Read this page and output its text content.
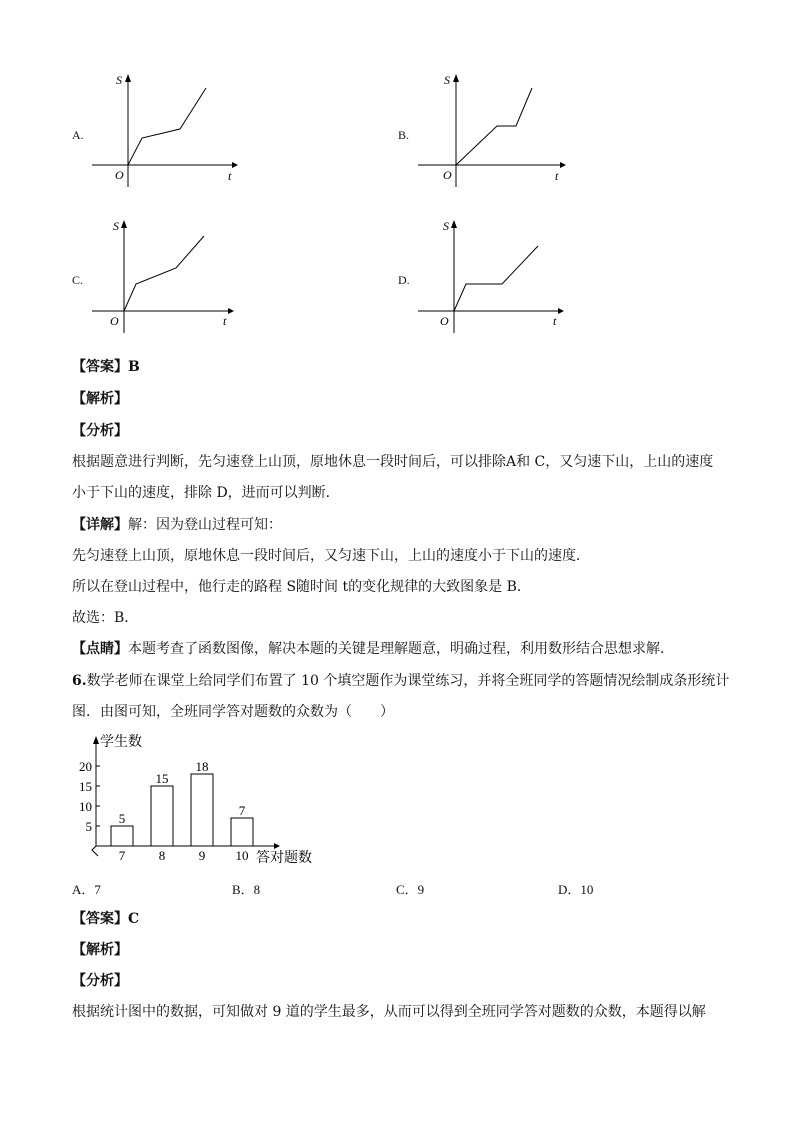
A.
S
t
O
B.
S
t
O
C.
S
t
O
D.
S
t
O
【答案】B
【解析】
【分析】
根据题意进行判断，先匀速登上山顶，原地休息一段时间后，可以排除A和 C，又匀速下山，上山的速度
小于下山的速度，排除 D，进而可以判断．
【详解】解：因为登山过程可知：
先匀速登上山顶，原地休息一段时间后，又匀速下山，上山的速度小于下山的速度．
所以在登山过程中，他行走的路程 S随时间 t的变化规律的大致图象是 B．
故选：B．
【点睛】本题考查了函数图像，解决本题的关键是理解题意，明确过程，利用数形结合思想求解．
6.数学老师在课堂上给同学们布置了 10 个填空题作为课堂练习，并将全班同学的答题情况绘制成条形统计
图．由图可知，全班同学答对题数的众数为（　　）
学生数
答对题数
5
10
15
20
5
7
15
8
18
9
7
10
A．7	B．8	C．9	D．10
【答案】C
【解析】
【分析】
根据统计图中的数据，可知做对 9 道的学生最多，从而可以得到全班同学答对题数的众数，本题得以解
